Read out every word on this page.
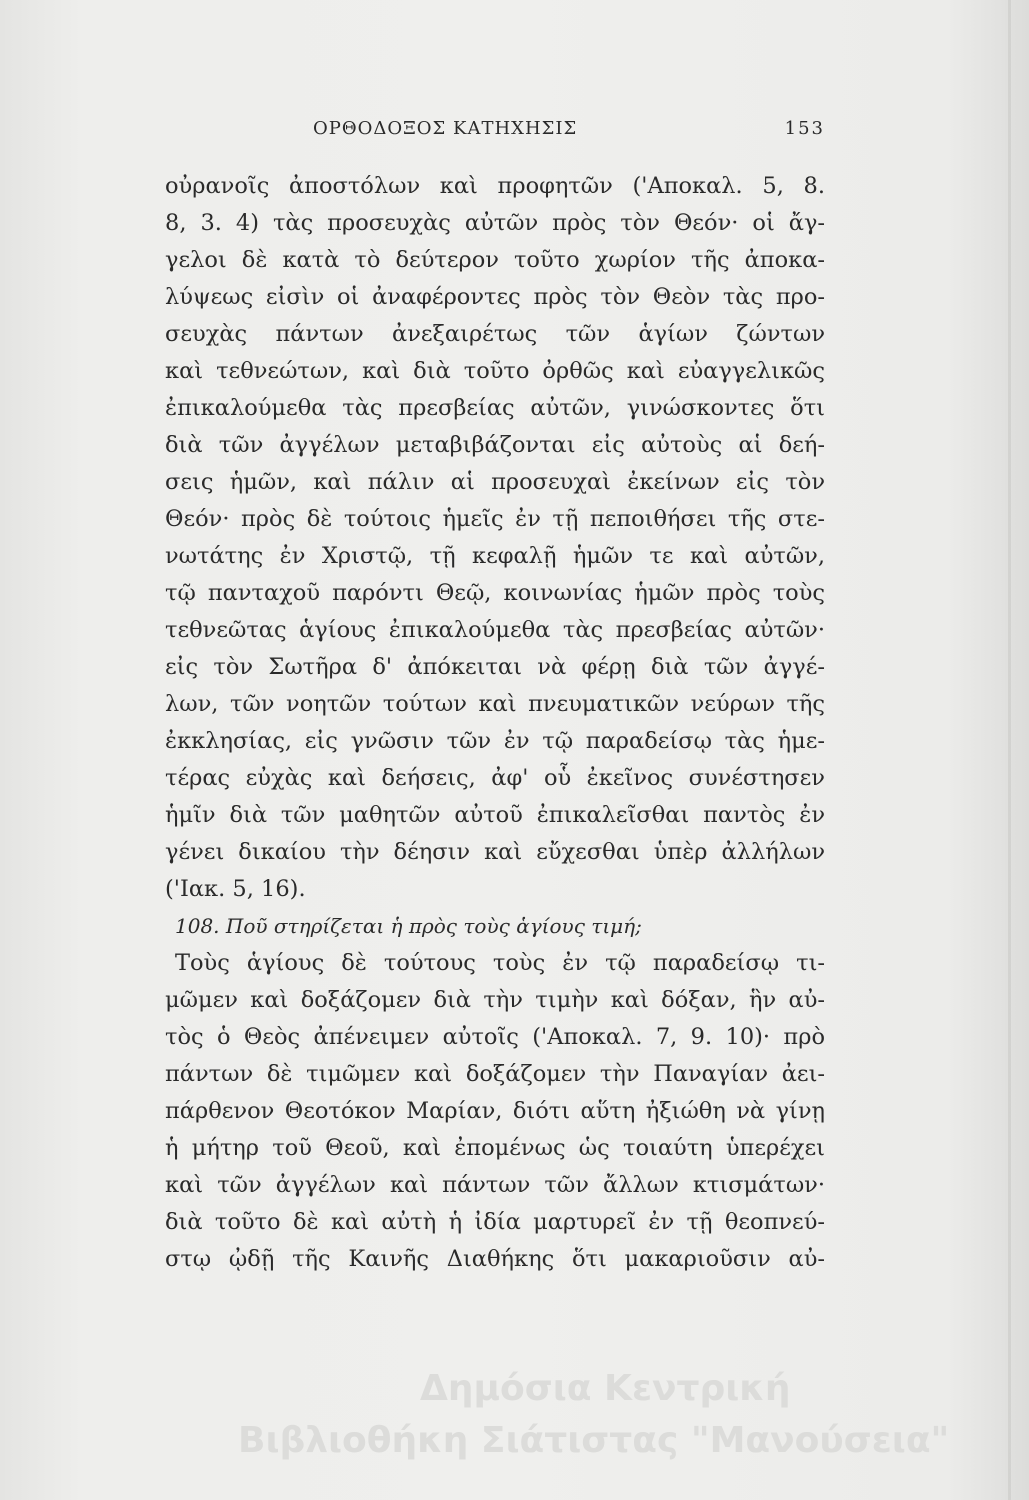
ΟΡΘΟΔΟΞΟΣ ΚΑΤΗΧΗΣΙΣ	153
οὐρανοῖς ἀποστόλων καὶ προφητῶν ('Αποκαλ. 5, 8.
8, 3. 4) τὰς προσευχὰς αὐτῶν πρὸς τὸν Θεόν· οἱ ἄγ-
γελοι δὲ κατὰ τὸ δεύτερον τοῦτο χωρίον τῆς ἀποκα-
λύψεως εἰσὶν οἱ ἀναφέροντες πρὸς τὸν Θεὸν τὰς προ-
σευχὰς πάντων ἀνεξαιρέτως τῶν ἁγίων ζώντων
καὶ τεθνεώτων, καὶ διὰ τοῦτο ὀρθῶς καὶ εὐαγγελικῶς
ἐπικαλούμεθα τὰς πρεσβείας αὐτῶν, γινώσκοντες ὅτι
διὰ τῶν ἀγγέλων μεταβιβάζονται εἰς αὐτοὺς αἱ δεή-
σεις ἡμῶν, καὶ πάλιν αἱ προσευχαὶ ἐκείνων εἰς τὸν
Θεόν· πρὸς δὲ τούτοις ἡμεῖς ἐν τῇ πεποιθήσει τῆς στε-
νωτάτης ἐν Χριστῷ, τῇ κεφαλῇ ἡμῶν τε καὶ αὐτῶν,
τῷ πανταχοῦ παρόντι Θεῷ, κοινωνίας ἡμῶν πρὸς τοὺς
τεθνεῶτας ἁγίους ἐπικαλούμεθα τὰς πρεσβείας αὐτῶν·
εἰς τὸν Σωτῆρα δ' ἀπόκειται νὰ φέρῃ διὰ τῶν ἀγγέ-
λων, τῶν νοητῶν τούτων καὶ πνευματικῶν νεύρων τῆς
ἐκκλησίας, εἰς γνῶσιν τῶν ἐν τῷ παραδείσῳ τὰς ἡμε-
τέρας εὐχὰς καὶ δεήσεις, ἀφ' οὗ ἐκεῖνος συνέστησεν
ἡμῖν διὰ τῶν μαθητῶν αὐτοῦ ἐπικαλεῖσθαι παντὸς ἐν
γένει δικαίου τὴν δέησιν καὶ εὔχεσθαι ὑπὲρ ἀλλήλων
('Ιακ. 5, 16).
108. Ποῦ στηρίζεται ἡ πρὸς τοὺς ἁγίους τιμή;
Τοὺς ἁγίους δὲ τούτους τοὺς ἐν τῷ παραδείσῳ τι-
μῶμεν καὶ δοξάζομεν διὰ τὴν τιμὴν καὶ δόξαν, ἣν αὐ-
τὸς ὁ Θεὸς ἀπένειμεν αὐτοῖς ('Αποκαλ. 7, 9. 10)· πρὸ
πάντων δὲ τιμῶμεν καὶ δοξάζομεν τὴν Παναγίαν ἀει-
πάρθενον Θεοτόκον Μαρίαν, διότι αὕτη ἠξιώθη νὰ γίνῃ
ἡ μήτηρ τοῦ Θεοῦ, καὶ ἐπομένως ὡς τοιαύτη ὑπερέχει
καὶ τῶν ἀγγέλων καὶ πάντων τῶν ἄλλων κτισμάτων·
διὰ τοῦτο δὲ καὶ αὐτὴ ἡ ἰδία μαρτυρεῖ ἐν τῇ θεοπνεύ-
στῳ ᾠδῇ τῆς Καινῆς Διαθήκης ὅτι μακαριοῦσιν αὐ-
Δημόσια Κεντρική
Βιβλιοθήκη Σιάτιστας "Μανούσεια"
